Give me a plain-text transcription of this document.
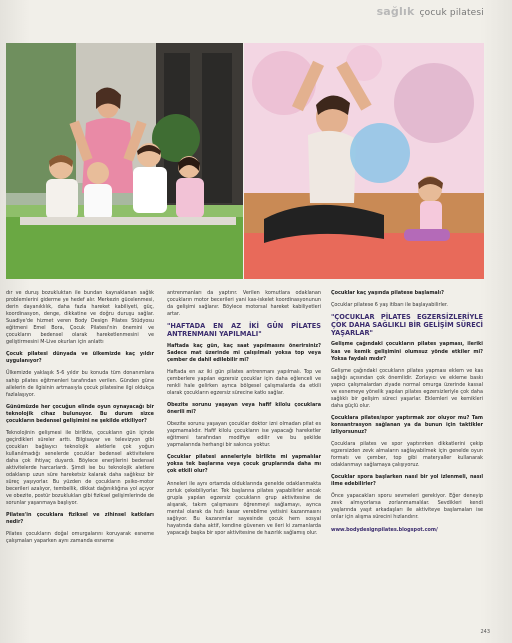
sağlık çocuk pilatesi

dır ve duruş bozukluktan ile bundan kaynaklanan sağlık problemlerini giderme ye hedef alır. Merkezin gücelenmesi, derin dayanıklılık, daha fazla hareket kabiliyeti, güç, koordinasyon, denge, dikkatine ve doğru duruşu sağlar. Suadiye'de hizmet veren Body Design Pilates Stüdyosu eğitmeni Emel Bora, Çocuk Pilatesi'nin önemini ve çocukların bedensel olarak hareketlenmesini ve geliştirmesini M-Live okurları için anlattı

Çocuk pilatesi dünyada ve ülkemizde kaç yıldır uygulanıyor?

Ülkemizde yaklaşık 5-6 yıldır bu konuda tüm donanımlara sahip pilates eğitmenleri tarafından verilen. Günden güne ailelerin de ilgisinin artmasıyla çocuk pilatesine ilgi oldukça fazlalaşıyor.

Günümüzde her çocuğun elinde oyun oynayacağı bir teknolojik cihaz bulunuyor. Bu durum sizce çocukların bedensel gelişimini ne şekilde etkiliyor?

Teknolojinin gelişmesi ile birlikte, çocukların gün içinde geçirdikleri süreler arttı. Bilgisayar ve televizyon gibi çocukları bağlayıcı teknolojik aletlerle çok yoğun kullanılmadığı senelerde çocuklar bedensel aktivitelere daha çok ihtiyaç duyardı. Böylece enerjilerini bedensel aktivitelerde harcarlardı. Şimdi ise bu teknolojik aletlere odaklanıp uzun süre hareketsiz kalarak daha sağlıksız bir süreç yaşıyorlar. Bu yüzden de çocukların psiko-motor becerileri azalıyor, tembellik, dikkat dağınıklığına yol açıyor ve obezite, postür bozuklukları gibi fiziksel gelişimlerinde de sorunlar yaşanmaya başlıyor.

Pilates'in çocuklara fiziksel ve zihinsel katkıları nedir?

Pilates çocukların doğal omurgalarını koruyarak esneme çalışmaları yaparken aynı zamanda esneme

antrenmanları da yaptırır. Verilen komutlara odaklanan çocukların motor becerileri yani kas-iskelet koordinasyonunun da gelişimi sağlanır. Böylece motorsal hareket kabiliyetleri artar.

"HAFTADA EN AZ İKİ GÜN PİLATES ANTRENMANI YAPILMALI"

Haftada kaç gün, kaç saat yapılmasını önerirsiniz? Sadece mat üzerinde mi çalışılmalı yoksa top veya çember de dahil edilebilir mi?

Haftada en az iki gün pilates antrenmanı yapılmalı. Top ve çemberlere yapılan egzersiz çocuklar için daha eğlenceli ve renkli hale gelirken ayrıca bölgesel çalışmalarda da etkili olarak çocukların egzersiz sürecine katkı sağlar.

Obezite sorunu yaşayan veya hafif kilolu çocuklara önerili mi?

Obezite sorunu yaşayan çocuklar doktor izni olmadan pilat es yapmamalıdır. Hafif kilolu çocukların ise yapacağı hareketler eğitmeni tarafından modifiye edilir ve bu şekilde yapmalarında herhangi bir sakınca yoktur.

Çocuklar pilatesi anneleriyle birlikte mi yapmalılar yoksa tek başlarına veya çocuk gruplarında daha mı çok etkili olur?

Anneleri ile aynı ortamda olduklarında genelde odaklanmakta zorluk çekebiliyorlar. Tek başlarına pilates yapabilirler ancak grupla yapılan egzersiz çocukların grup aktivitesine de alışarak, takım çalışmasını öğrenmeyi sağlamayı, ayrıca mental olarak da hızlı kasar verebilme yetisini kazanmasını sağlıyor. Bu kazanımlar sayesinde çocuk hem sosyal hayatında daha aktif, kendine güvenen ve ileri ki zamanlarda yapacağı başka bir spor aktivitesine de hazırlık sağlamış olur.

Çocuklar kaç yaşında pilatese başlamalı?

Çocuklar pilatese 6 yaş itibarı ile başlayabilirler.

"ÇOCUKLAR PİLATES EGZERSİZLERİYLE ÇOK DAHA SAĞLIKLI BİR GELİŞİM SÜRECİ YAŞARLAR"

Gelişme çağındaki çocukların pilates yapması, ileriki kas ve kemik gelişimini olumsuz yönde etkiler mi? Yoksa faydalı mıdır?

Gelişme çağındaki çocukların pilates yapması eklem ve kas sağlığı açısından çok önemlidir. Zorlayıcı ve ekleme baskı yapıcı çalışmalardan ziyade normal omurga üzerinde kassal ve esnemeye yönelik yapılan pilates egzersizleriyle çok daha sağlıklı bir gelişim süreci yaşarlar. Eklemleri ve kemikleri daha güçlü olur.

Çocuklara pilates/spor yaptırmak zor oluyor mu? Tam konsantrasyon sağlanan ya da bunun için taktikler izliyorsunuz?

Çocuklara pilates ve spor yaptırırken dikkatlerini çekip egzersizden zevk almaların sağlayabilmek için genelde oyun formatı ve çember, top gibi materyaller kullanarak odaklanmayı sağlamaya çalışıyoruz.

Çocuklar spora başlarken nasıl bir yol izlenmeli, nasıl ilme edebilirler?

Önce yapacakları sporu sevmeleri gerekiyor. Eğer deneyip zevk almıyorlarsa zorlanmamalılar. Sevdikleri kendi yaşlarında yaşıt arkadaşları ile aktiviteye başlamaları ise onlar için alışma sürecini hızlandırır.

www.bodydesignpilates.blogspot.com/

243
